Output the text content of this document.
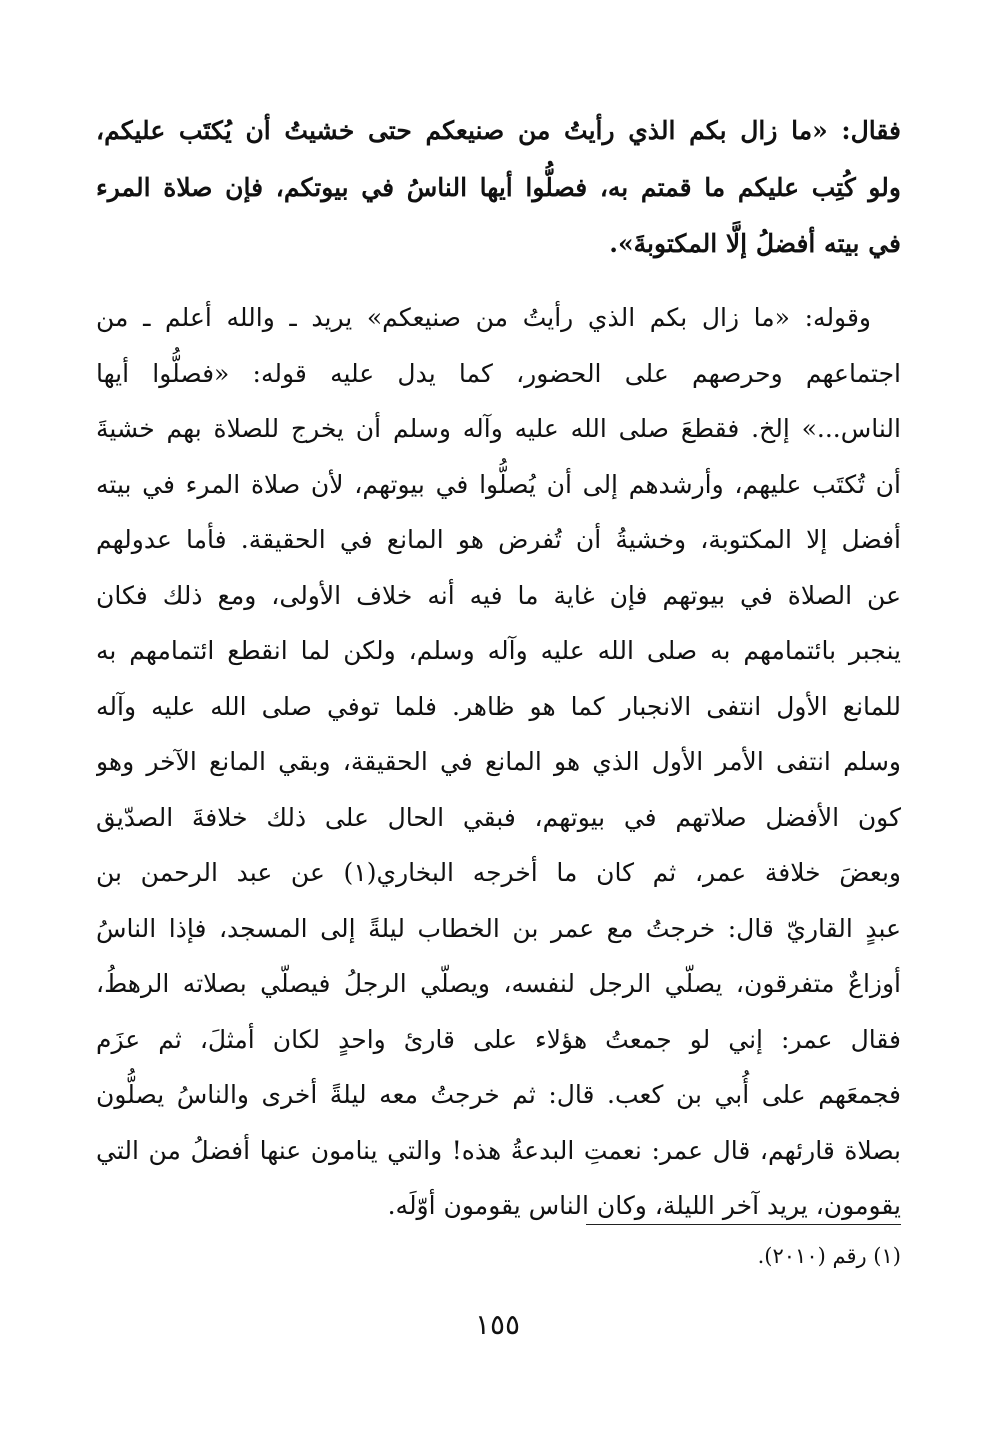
فقال: «ما زال بكم الذي رأيتُ من صنيعكم حتى خشيتُ أن يُكتَب عليكم،
ولو كُتِب عليكم ما قمتم به، فصلُّوا أيها الناسُ في بيوتكم، فإن صلاة المرء
في بيته أفضلُ إلَّا المكتوبةَ».
وقوله: «ما زال بكم الذي رأيتُ من صنيعكم» يريد ـ والله أعلم ـ من
اجتماعهم وحرصهم على الحضور، كما يدل عليه قوله: «فصلُّوا أيها
الناس...» إلخ. فقطعَ صلى الله عليه وآله وسلم أن يخرج للصلاة بهم خشيةَ
أن تُكتَب عليهم، وأرشدهم إلى أن يُصلُّوا في بيوتهم، لأن صلاة المرء في بيته
أفضل إلا المكتوبة، وخشيةُ أن تُفرض هو المانع في الحقيقة. فأما عدولهم
عن الصلاة في بيوتهم فإن غاية ما فيه أنه خلاف الأولى، ومع ذلك فكان
ينجبر بائتمامهم به صلى الله عليه وآله وسلم، ولكن لما انقطع ائتمامهم به
للمانع الأول انتفى الانجبار كما هو ظاهر. فلما توفي صلى الله عليه وآله
وسلم انتفى الأمر الأول الذي هو المانع في الحقيقة، وبقي المانع الآخر وهو
كون الأفضل صلاتهم في بيوتهم، فبقي الحال على ذلك خلافةَ الصدّيق
وبعضَ خلافة عمر، ثم كان ما أخرجه البخاري(١) عن عبد الرحمن بن
عبدٍ القاريّ قال: خرجتُ مع عمر بن الخطاب ليلةً إلى المسجد، فإذا الناسُ
أوزاعٌ متفرقون، يصلّي الرجل لنفسه، ويصلّي الرجلُ فيصلّي بصلاته الرهطُ،
فقال عمر: إني لو جمعتُ هؤلاء على قارئ واحدٍ لكان أمثلَ، ثم عزَم
فجمعَهم على أُبي بن كعب. قال: ثم خرجتُ معه ليلةً أخرى والناسُ يصلُّون
بصلاة قارئهم، قال عمر: نعمتِ البدعةُ هذه! والتي ينامون عنها أفضلُ من التي
يقومون، يريد آخر الليلة، وكان الناس يقومون أوّلَه.
(١) رقم (٢٠١٠).
١٥٥
